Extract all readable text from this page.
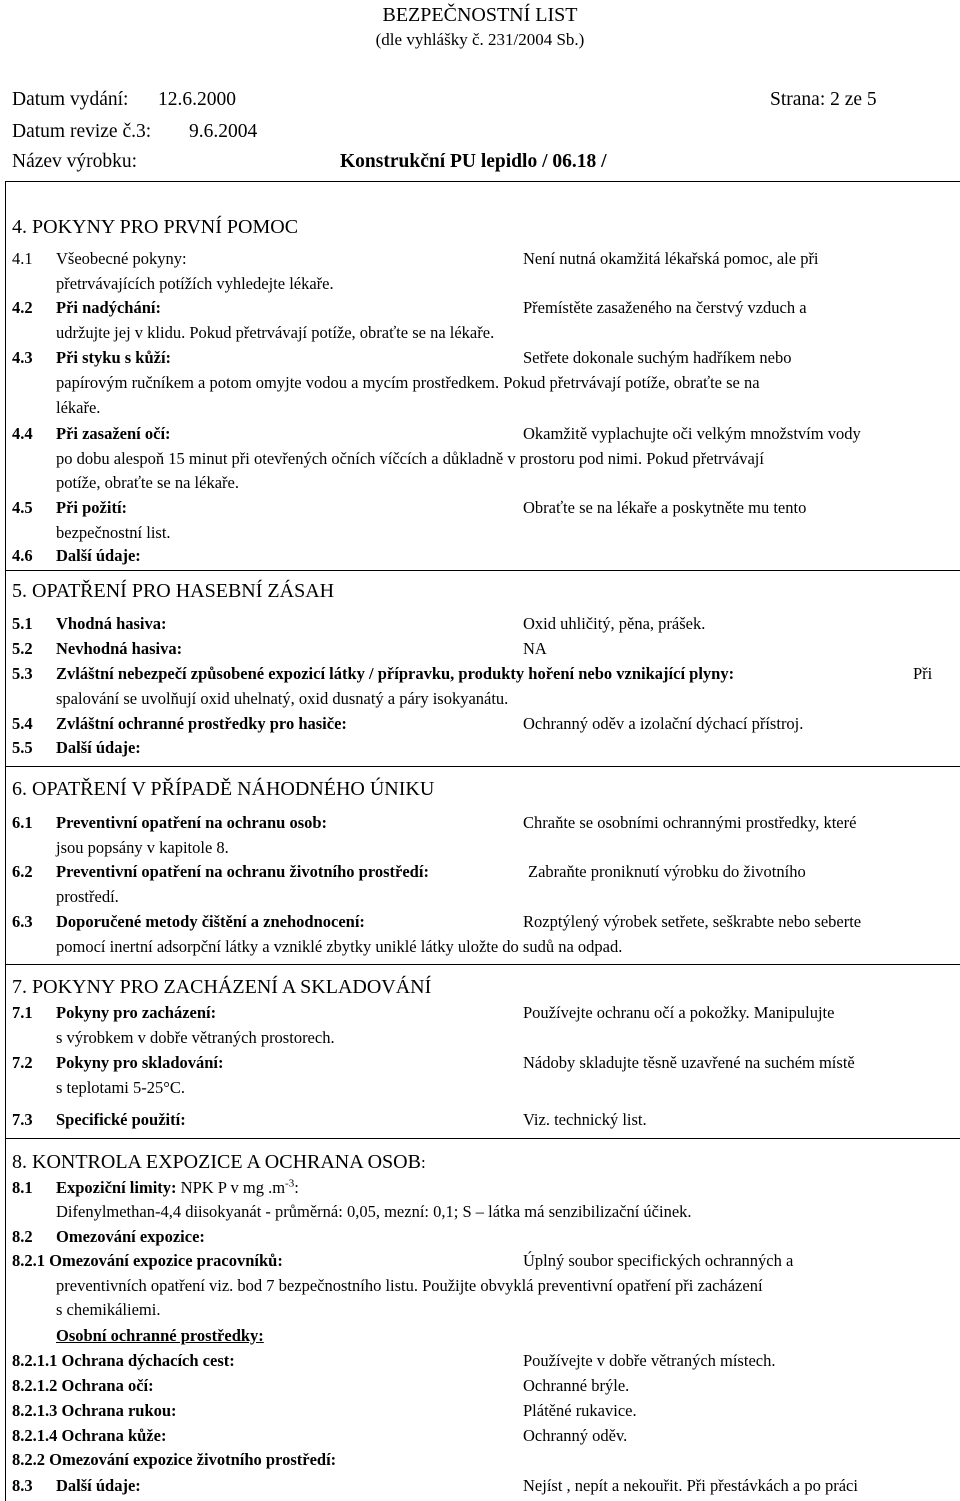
BEZPEČNOSTNÍ LIST
(dle vyhlášky č. 231/2004 Sb.)
Datum vydání: 12.6.2000	Strana: 2 ze 5
Datum revize č.3: 9.6.2004
Název výrobku:	Konstrukční PU lepidlo / 06.18 /
4. POKYNY PRO PRVNÍ POMOC
4.1 Všeobecné pokyny:	Není nutná okamžitá lékařská pomoc, ale při
přetrvávajících potížích vyhledejte lékaře.
4.2 Při nadýchání:	Přemístěte zasaženého na čerstvý vzduch a
udržujte jej v klidu. Pokud přetrvávají potíže, obraťte se na lékaře.
4.3 Při styku s kůží:	Setřete dokonale suchým hadříkem nebo
papírovým ručníkem a potom omyjte vodou a mycím prostředkem. Pokud přetrvávají potíže, obraťte se na
lékaře.
4.4 Při zasažení očí:	Okamžitě vyplachujte oči velkým množstvím vody
po dobu alespoň 15 minut při otevřených očních víčcích a důkladně v prostoru pod nimi. Pokud přetrvávají
potíže, obraťte se na lékaře.
4.5 Při požití:	Obraťte se na lékaře a poskytněte mu tento
bezpečnostní list.
4.6 Další údaje:
5. OPATŘENÍ PRO HASEBNÍ ZÁSAH
5.1 Vhodná hasiva:	Oxid uhličitý, pěna, prášek.
5.2 Nevhodná hasiva:	NA
5.3 Zvláštní nebezpečí způsobené expozicí látky / přípravku, produkty hoření nebo vznikající plyny:	Při
spalování se uvolňují oxid uhelnatý, oxid dusnatý a páry isokyanátu.
5.4 Zvláštní ochranné prostředky pro hasiče:	Ochranný oděv a izolační dýchací přístroj.
5.5 Další údaje:
6. OPATŘENÍ V PŘÍPADĚ NÁHODNÉHO ÚNIKU
6.1 Preventivní opatření na ochranu osob:	Chraňte se osobními ochrannými prostředky, které
jsou popsány v kapitole 8.
6.2 Preventivní opatření na ochranu životního prostředí:	Zabraňte proniknutí výrobku do životního
prostředí.
6.3 Doporučené metody čištění a znehodnocení:	Rozptýlený výrobek setřete, seškrabte nebo seberte
pomocí inertní adsorpční látky a vzniklé zbytky uniklé látky uložte do sudů na odpad.
7. POKYNY PRO ZACHÁZENÍ A SKLADOVÁNÍ
7.1 Pokyny pro zacházení:	Používejte ochranu očí a pokožky. Manipulujte
s výrobkem v dobře větraných prostorech.
7.2 Pokyny pro skladování:	Nádoby skladujte těsně uzavřené na suchém místě
s teplotami 5-25°C.
7.3 Specifické použití:	Viz. technický list.
8. KONTROLA EXPOZICE A OCHRANA OSOB:
8.1 Expoziční limity: NPK P v mg $.m^{-3}$:
Difenylmethan-4,4 diisokyanát - průměrná: 0,05, mezní: 0,1; S – látka má senzibilizační účinek.
8.2 Omezování expozice:
8.2.1 Omezování expozice pracovníků:	Úplný soubor specifických ochranných a
preventivních opatření viz. bod 7 bezpečnostního listu. Použijte obvyklá preventivní opatření při zacházení
s chemikáliemi.
Osobní ochranné prostředky:
8.2.1.1 Ochrana dýchacích cest:	Používejte v dobře větraných místech.
8.2.1.2 Ochrana očí:	Ochranné brýle.
8.2.1.3 Ochrana rukou:	Plátěné rukavice.
8.2.1.4 Ochrana kůže:	Ochranný oděv.
8.2.2 Omezování expozice životního prostředí:
8.3 Další údaje:	Nejíst , nepít a nekouřit. Při přestávkách a po práci
